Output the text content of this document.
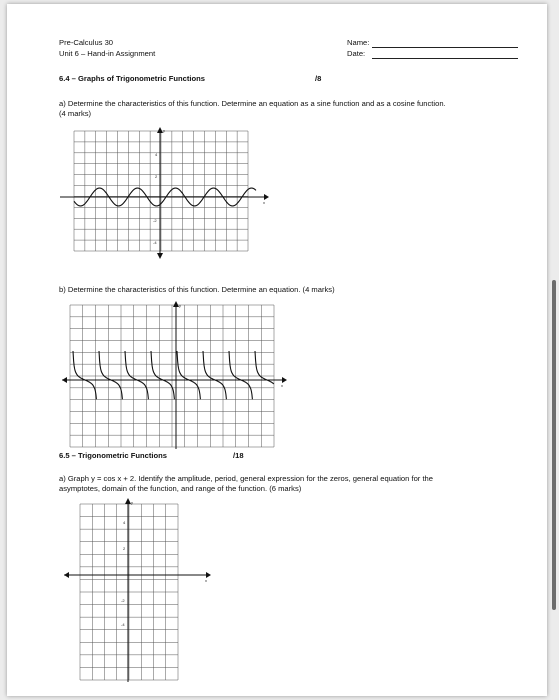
Pre-Calculus 30
Unit 6 – Hand-in Assignment
Name:
Date:
6.4 – Graphs of Trigonometric Functions	/8
a) Determine the characteristics of this function. Determine an equation as a sine function and as a cosine function.
(4 marks)
y
x
4
2
-2
-4
b) Determine the characteristics of this function. Determine an equation. (4 marks)
y
x
6.5 – Trigonometric Functions	/18
a) Graph y = cos x + 2. Identify the amplitude, period, general expression for the zeros, general equation for the
asymptotes, domain of the function, and range of the function. (6 marks)
y
x
4
2
-2
-4
